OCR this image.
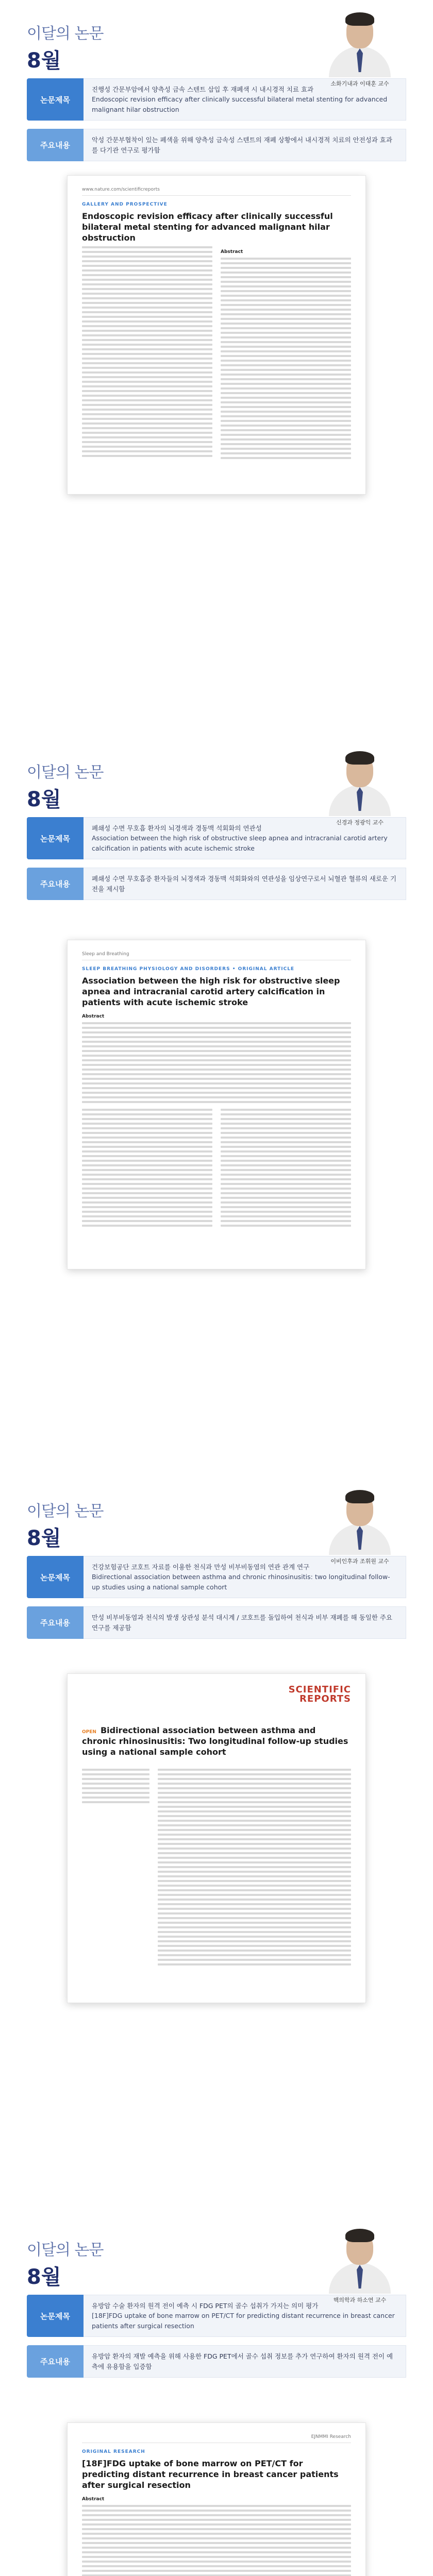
이달의 논문
8월
소화기내과 이태훈 교수
논문제목
진행성 간문부암에서 양측성 금속 스텐트 삽입 후 재폐색 시 내시경적 치료 효과
Endoscopic revision efficacy after clinically successful bilateral metal stenting for advanced malignant hilar obstruction
주요내용
악성 간문부협착이 있는 폐색을 위해 양측성 금속성 스텐트의 재폐 상황에서 내시경적 치료의 안전성과 효과를 다기관 연구로 평가함
www.nature.com/scientificreports
GALLERY AND PROSPECTIVE
Endoscopic revision efficacy after clinically successful bilateral metal stenting for advanced malignant hilar obstruction
Abstract
이달의 논문
8월
신경과 정광익 교수
논문제목
폐쇄성 수면 무호흡 환자의 뇌경색과 경동맥 석회화의 연관성
Association between the high risk of obstructive sleep apnea and intracranial carotid artery calcification in patients with acute ischemic stroke
주요내용
폐쇄성 수면 무호흡증 환자들의 뇌경색과 경동맥 석회화와의 연관성을 임상연구로서 뇌혈관 혈류의 새로운 기전을 제시함
Sleep and Breathing
SLEEP BREATHING PHYSIOLOGY AND DISORDERS • ORIGINAL ARTICLE
Association between the high risk for obstructive sleep apnea and intracranial carotid artery calcification in patients with acute ischemic stroke
Abstract
이달의 논문
8월
이비인후과 조휘원 교수
논문제목
건강보험공단 코호트 자료를 이용한 천식과 만성 비부비동염의 연관 관계 연구
Bidirectional association between asthma and chronic rhinosinusitis: two longitudinal follow-up studies using a national sample cohort
주요내용
만성 비부비동염과 천식의 발생 상관성 분석 대시계 / 코호트를 돌입하여 천식과 비부 재폐를 해 동일한 주요 연구를 제공함
SCIENTIFIC
REPORTS
OPEN Bidirectional association between asthma and chronic rhinosinusitis: Two longitudinal follow-up studies using a national sample cohort
이달의 논문
8월
핵의학과 하소연 교수
논문제목
유방암 수술 환자의 원격 전이 예측 시 FDG PET의 골수 섭취가 가지는 의미 평가
[18F]FDG uptake of bone marrow on PET/CT for predicting distant recurrence in breast cancer patients after surgical resection
주요내용
유방암 환자의 재발 예측을 위해 사용한 FDG PET에서 골수 섭취 정보를 추가 연구하여 환자의 원격 전이 예측에 유용함을 입증함
EJNMMI Research
ORIGINAL RESEARCH
[18F]FDG uptake of bone marrow on PET/CT for predicting distant recurrence in breast cancer patients after surgical resection
Abstract
